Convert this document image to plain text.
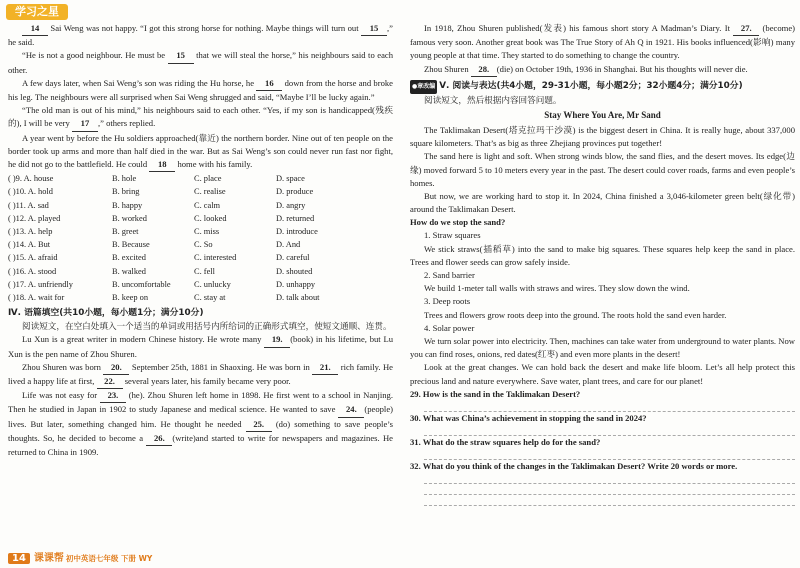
学习之星

14 Sai Weng was not happy. “I got this strong horse for nothing. Maybe things will turn out 15 ,” he said.

“He is not a good neighbour. He must be 15 that we will steal the horse,” his neighbours said to each other.

A few days later, when Sai Weng’s son was riding the Hu horse, he 16 down from the horse and broke his leg. The neighbours were all surprised when Sai Weng shrugged and said, “Maybe I’ll be lucky again.”

“The old man is out of his mind,” his neighbours said to each other. “Yes, if my son is handicapped(残疾的), I will be very 17 ,” others replied.

A year went by before the Hu soldiers approached(靠近) the northern border. Nine out of ten people on the border took up arms and more than half died in the war. But as Sai Weng’s son could never run fast nor fight, he did not go to the battlefield. He could 18 home with his family.

( )9. A. house	B. hole	C. place	D. space
( )10. A. hold	B. bring	C. realise	D. produce
( )11. A. sad	B. happy	C. calm	D. angry
( )12. A. played	B. worked	C. looked	D. returned
( )13. A. help	B. greet	C. miss	D. introduce
( )14. A. But	B. Because	C. So	D. And
( )15. A. afraid	B. excited	C. interested	D. careful
( )16. A. stood	B. walked	C. fell	D. shouted
( )17. A. unfriendly	B. uncomfortable	C. unlucky	D. unhappy
( )18. A. wait for	B. keep on	C. stay at	D. talk about
Ⅳ. 语篇填空(共10小题，每小题1分；满分10分)

阅读短文，在空白处填入一个适当的单词或用括号内所给词的正确形式填空，使短文通顺、连贯。

Lu Xun is a great writer in modern Chinese history. He wrote many 19. (book) in his lifetime, but Lu Xun is the pen name of Zhou Shuren.

Zhou Shuren was born 20. September 25th, 1881 in Shaoxing. He was born in 21. rich family. He lived a happy life at first, 22. several years later, his family became very poor.

Life was not easy for 23. (he). Zhou Shuren left home in 1898. He first went to a school in Nanjing. Then he studied in Japan in 1902 to study Japanese and medical science. He wanted to save 24. (people) lives. But later, something changed him. He thought he needed 25. (do) something to save people’s thoughts. So, he decided to become a 26. (write)and started to write for newspapers and magazines. He returned to China in 1909.

In 1918, Zhou Shuren published(发表) his famous short story A Madman’s Diary. It 27. (become) famous very soon. Another great book was The True Story of Ah Q in 1921. His books influenced(影响) many young people at that time. They started to do something to change the country.

Zhou Shuren 28. (die) on October 19th, 1936 in Shanghai. But his thoughts will never die.

●章改编 Ⅴ. 阅读与表达(共4小题，29-31小题，每小题2分；32小题4分；满分10分)

阅读短文，然后根据内容回答问题。

Stay Where You Are, Mr Sand

The Taklimakan Desert(塔克拉玛干沙漠) is the biggest desert in China. It is really huge, about 337,000 square kilometers. That’s as big as three Zhejiang provinces put together!

The sand here is light and soft. When strong winds blow, the sand flies, and the desert moves. Its edge(边缘) moved forward 5 to 10 meters every year in the past. The desert could cover roads, farms and even people’s homes.

But now, we are working hard to stop it. In 2024, China finished a 3,046-kilometer green belt(绿化带) around the Taklimakan Desert.

How do we stop the sand?

1. Straw squares

We stick straws(插稻草) into the sand to make big squares. These squares help keep the sand in place. Trees and flower seeds can grow safely inside.

2. Sand barrier

We build 1-meter tall walls with straws and wires. They slow down the wind.

3. Deep roots

Trees and flowers grow roots deep into the ground. The roots hold the sand even harder.

4. Solar power

We turn solar power into electricity. Then, machines can take water from underground to water plants. Now you can find roses, onions, red dates(红枣) and even more plants in the desert!

Look at the great changes. We can hold back the desert and make life bloom. Let’s all help protect this precious land and nature everywhere. Save water, plant trees, and care for our planet!

29. How is the sand in the Taklimakan Desert?

30. What was China’s achievement in stopping the sand in 2024?

31. What do the straw squares help do for the sand?

32. What do you think of the changes in the Taklimakan Desert? Write 20 words or more.

14 课课帮 初中英语七年级 下册 WY
